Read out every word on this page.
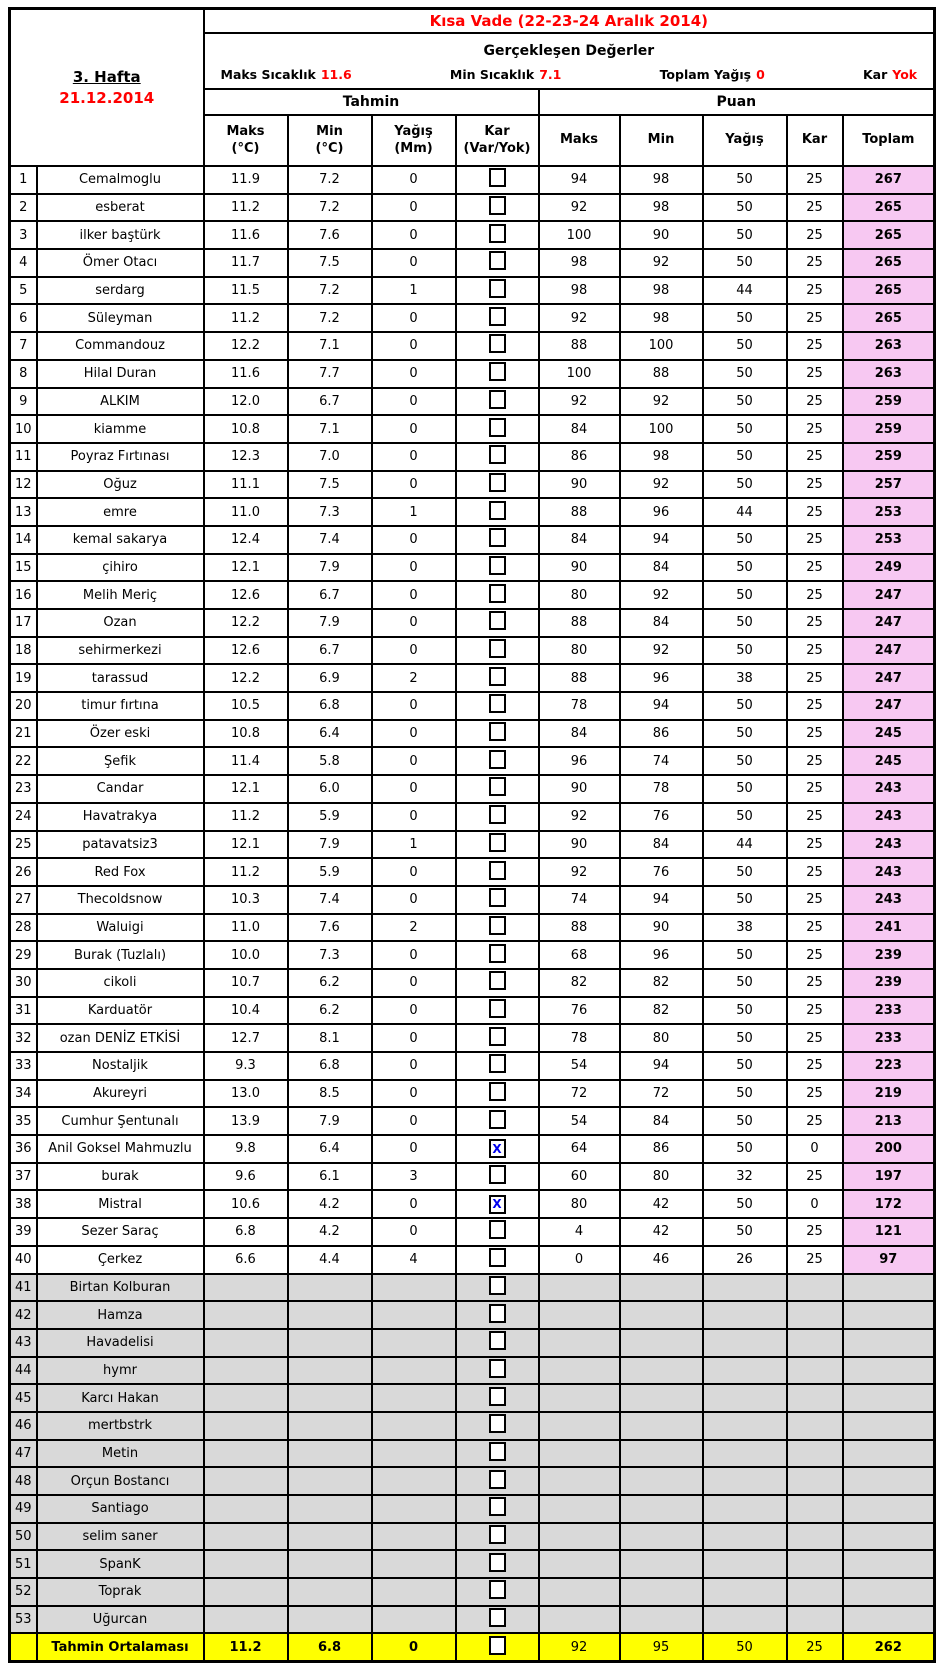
3. Hafta
21.12.2014		Kısa Vade (22-23-24 Aralık 2014)								

		Gerçekleşen Değerler
Maks Sıcaklık 11.6 Min Sıcaklık 7.1 Toplam Yağış 0 Kar Yok								

		Tahmin				Puan				

Maks
(°C)

Min
(°C)

Yağış
(Mm)

Kar
(Var/Yok)

Maks	Min	Yağış	Kar	Toplam

1	Cemalmoglu	11.9	7.2	0		94	98	50	25	267
2	esberat	11.2	7.2	0		92	98	50	25	265
3	ilker baştürk	11.6	7.6	0		100	90	50	25	265
4	Ömer Otacı	11.7	7.5	0		98	92	50	25	265
5	serdarg	11.5	7.2	1		98	98	44	25	265
6	Süleyman	11.2	7.2	0		92	98	50	25	265
7	Commandouz	12.2	7.1	0		88	100	50	25	263
8	Hilal Duran	11.6	7.7	0		100	88	50	25	263
9	ALKIM	12.0	6.7	0		92	92	50	25	259
10	kiamme	10.8	7.1	0		84	100	50	25	259
11	Poyraz Fırtınası	12.3	7.0	0		86	98	50	25	259
12	Oğuz	11.1	7.5	0		90	92	50	25	257
13	emre	11.0	7.3	1		88	96	44	25	253
14	kemal sakarya	12.4	7.4	0		84	94	50	25	253
15	çihiro	12.1	7.9	0		90	84	50	25	249
16	Melih Meriç	12.6	6.7	0		80	92	50	25	247
17	Ozan	12.2	7.9	0		88	84	50	25	247
18	sehirmerkezi	12.6	6.7	0		80	92	50	25	247
19	tarassud	12.2	6.9	2		88	96	38	25	247
20	timur fırtına	10.5	6.8	0		78	94	50	25	247
21	Özer eski	10.8	6.4	0		84	86	50	25	245
22	Şefik	11.4	5.8	0		96	74	50	25	245
23	Candar	12.1	6.0	0		90	78	50	25	243
24	Havatrakya	11.2	5.9	0		92	76	50	25	243
25	patavatsiz3	12.1	7.9	1		90	84	44	25	243
26	Red Fox	11.2	5.9	0		92	76	50	25	243
27	Thecoldsnow	10.3	7.4	0		74	94	50	25	243
28	Waluigi	11.0	7.6	2		88	90	38	25	241
29	Burak (Tuzlalı)	10.0	7.3	0		68	96	50	25	239
30	cikoli	10.7	6.2	0		82	82	50	25	239
31	Karduatör	10.4	6.2	0		76	82	50	25	233
32	ozan DENİZ ETKİSİ	12.7	8.1	0		78	80	50	25	233
33	Nostaljik	9.3	6.8	0		54	94	50	25	223
34	Akureyri	13.0	8.5	0		72	72	50	25	219
35	Cumhur Şentunalı	13.9	7.9	0		54	84	50	25	213
36	Anil Goksel Mahmuzlu	9.8	6.4	0	X	64	86	50	0	200
37	burak	9.6	6.1	3		60	80	32	25	197
38	Mistral	10.6	4.2	0	X	80	42	50	0	172
39	Sezer Saraç	6.8	4.2	0		4	42	50	25	121
40	Çerkez	6.6	4.4	4		0	46	26	25	97
41	Birtan Kolburan									
42	Hamza									
43	Havadelisi									
44	hymr									
45	Karcı Hakan									
46	mertbstrk									
47	Metin									
48	Orçun Bostancı									
49	Santiago									
50	selim saner									
51	SpanK									
52	Toprak									
53	Uğurcan									
	Tahmin Ortalaması	11.2	6.8	0		92	95	50	25	262
